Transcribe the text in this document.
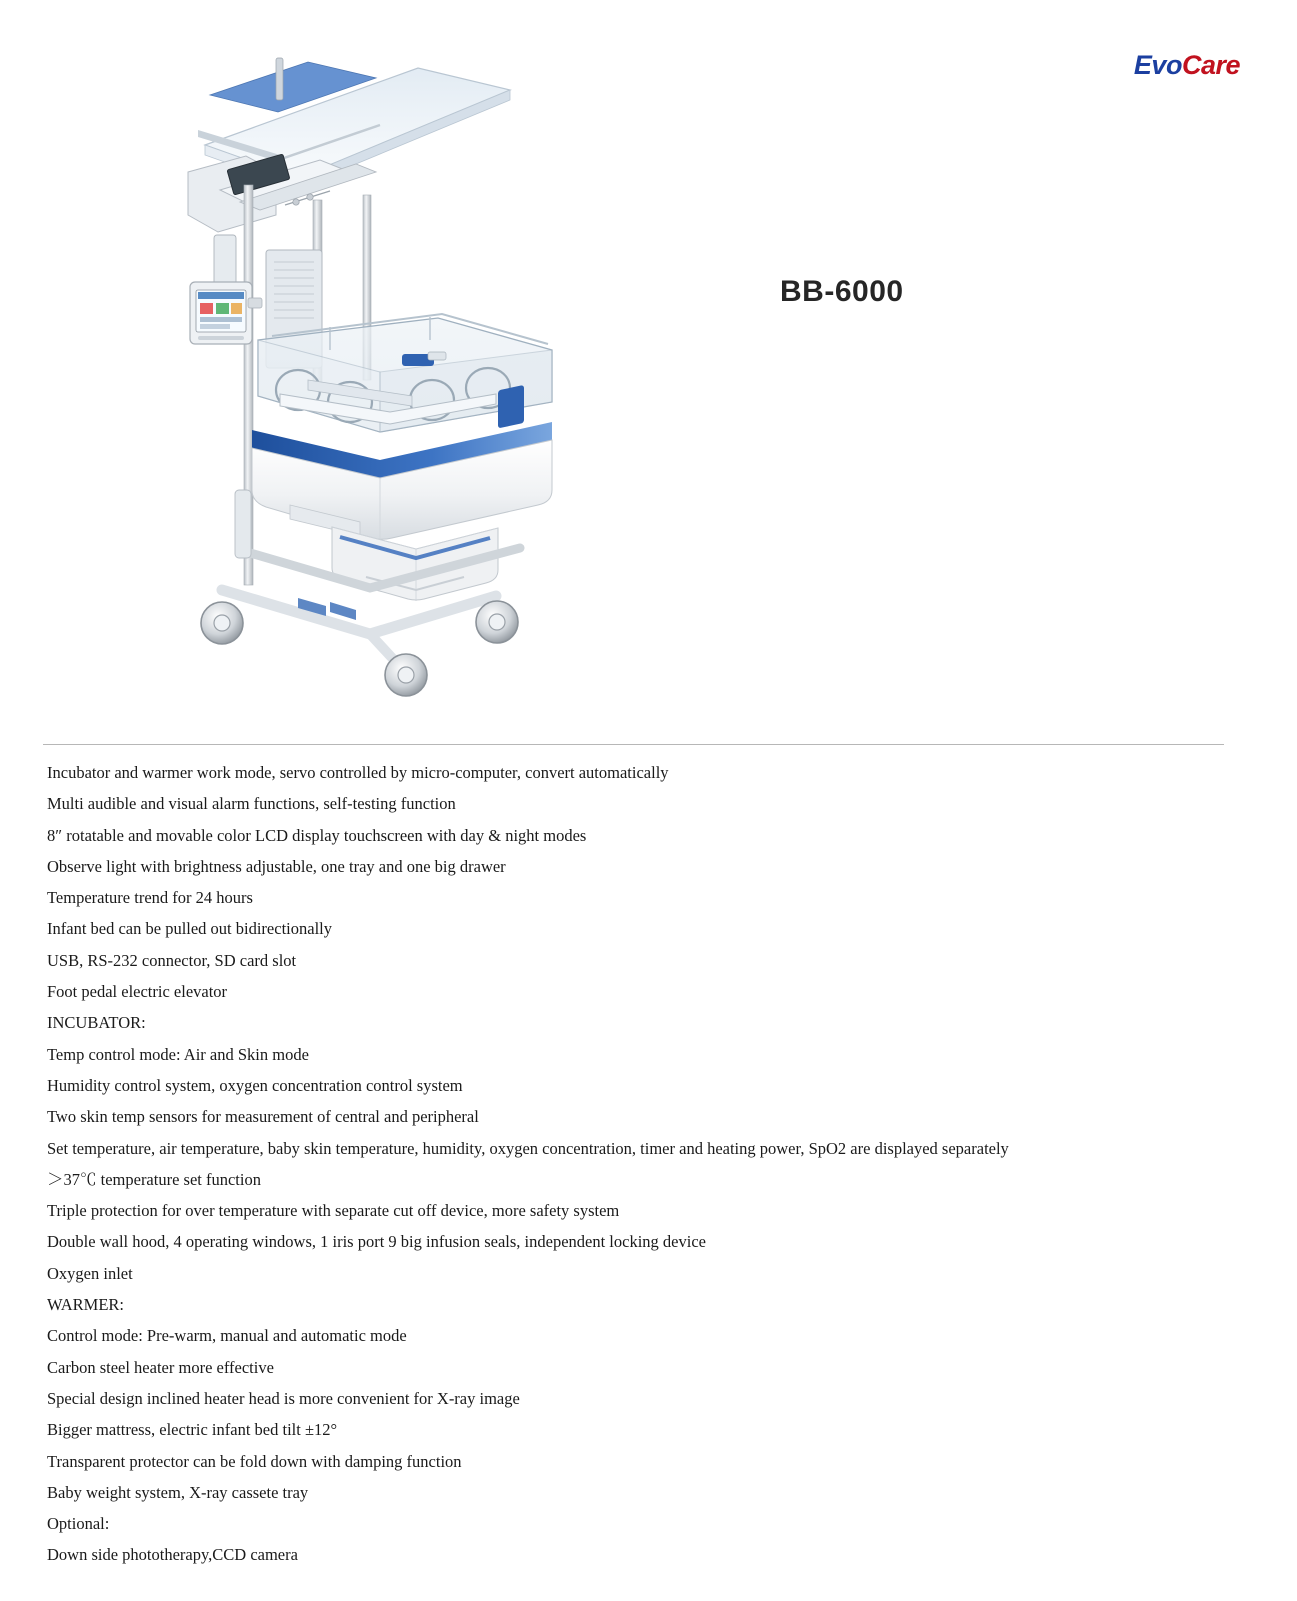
EvoCare
BB-6000
Incubator and warmer work mode, servo controlled by micro-computer, convert automatically
Multi audible and visual alarm functions, self-testing function
8″ rotatable and movable color LCD display touchscreen with day & night modes
Observe light with brightness adjustable, one tray and one big drawer
Temperature trend for 24 hours
Infant bed can be pulled out bidirectionally
USB, RS-232 connector, SD card slot
Foot pedal electric elevator
INCUBATOR:
Temp control mode: Air and Skin mode
Humidity control system, oxygen concentration control system
Two skin temp sensors for measurement of central and peripheral
Set temperature, air temperature, baby skin temperature, humidity, oxygen concentration, timer and heating power, SpO2 are displayed separately
＞37℃ temperature set function
Triple protection for over temperature with separate cut off device, more safety system
Double wall hood, 4 operating windows, 1 iris port 9 big infusion seals, independent locking device
Oxygen inlet
WARMER:
Control mode: Pre-warm, manual and automatic mode
Carbon steel heater more effective
Special design inclined heater head is more convenient for X-ray image
Bigger mattress, electric infant bed tilt ±12°
Transparent protector can be fold down with damping function
Baby weight system, X-ray cassete tray
Optional:
Down side phototherapy,CCD camera
